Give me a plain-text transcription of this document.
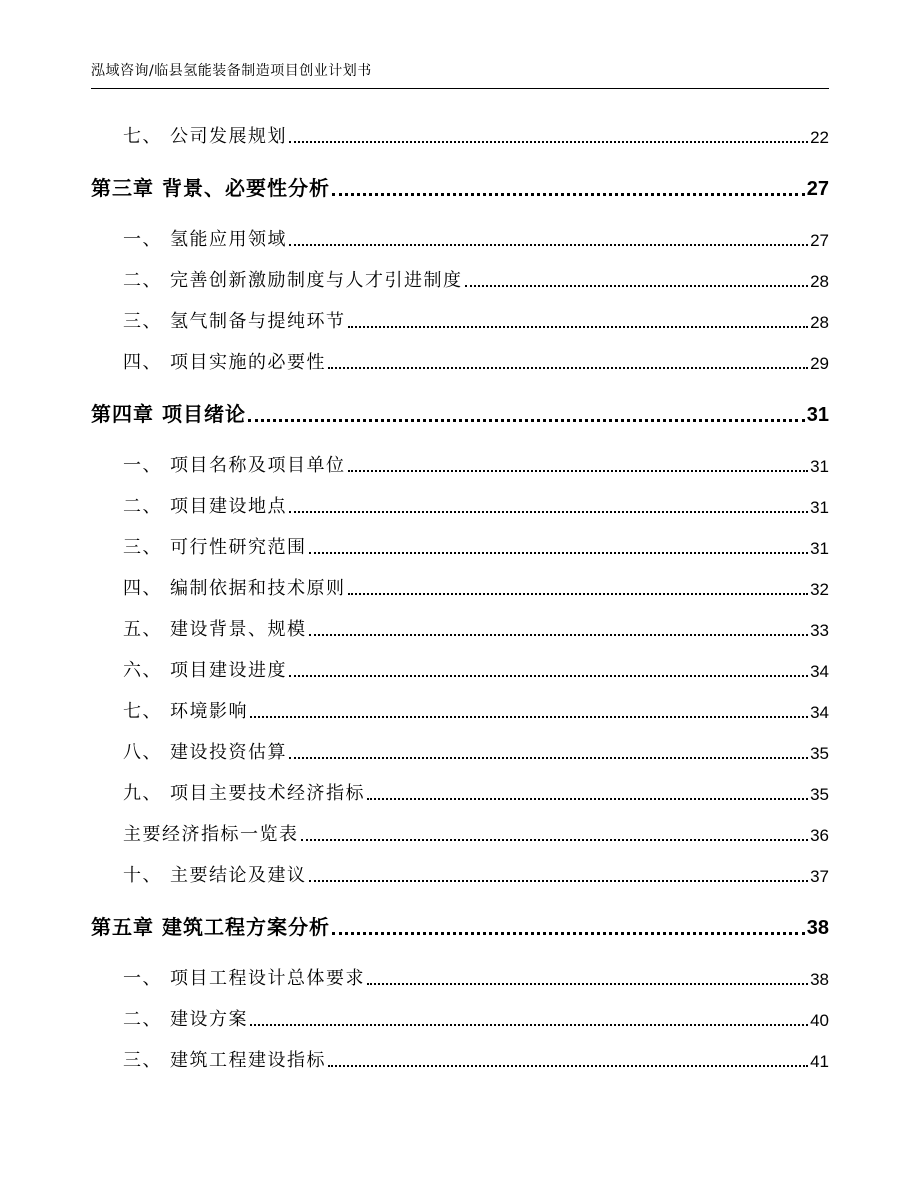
泓域咨询/临县氢能装备制造项目创业计划书
七、 公司发展规划	22
第三章 背景、必要性分析	27
一、 氢能应用领域	27
二、 完善创新激励制度与人才引进制度	28
三、 氢气制备与提纯环节	28
四、 项目实施的必要性	29
第四章 项目绪论	31
一、 项目名称及项目单位	31
二、 项目建设地点	31
三、 可行性研究范围	31
四、 编制依据和技术原则	32
五、 建设背景、规模	33
六、 项目建设进度	34
七、 环境影响	34
八、 建设投资估算	35
九、 项目主要技术经济指标	35
主要经济指标一览表	36
十、 主要结论及建议	37
第五章 建筑工程方案分析	38
一、 项目工程设计总体要求	38
二、 建设方案	40
三、 建筑工程建设指标	41
